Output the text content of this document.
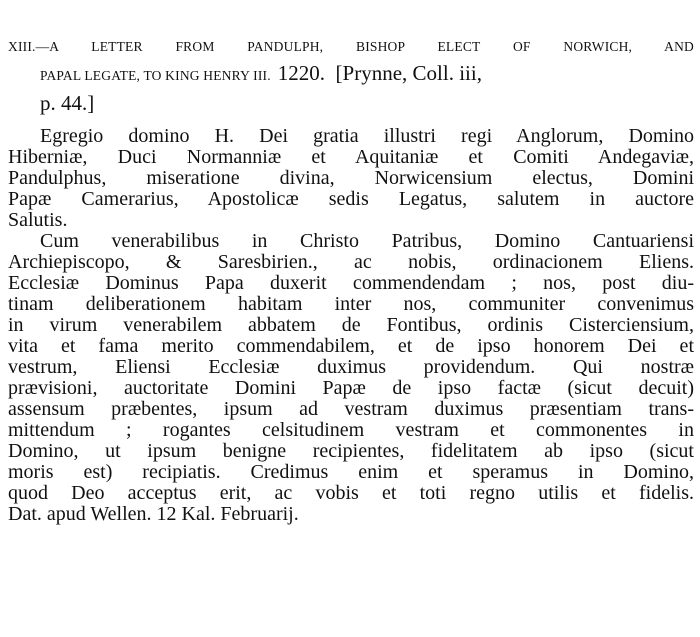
XIII.—A LETTER FROM PANDULPH, BISHOP ELECT OF NORWICH, AND
PAPAL LEGATE, TO KING HENRY III. 1220. [Prynne, Coll. iii,
p. 44.]
Egregio domino H. Dei gratia illustri regi Anglorum, Domino
Hiberniæ, Duci Normanniæ et Aquitaniæ et Comiti Andegaviæ,
Pandulphus, miseratione divina, Norwicensium electus, Domini
Papæ Camerarius, Apostolicæ sedis Legatus, salutem in auctore
Salutis.
Cum venerabilibus in Christo Patribus, Domino Cantuariensi
Archiepiscopo, & Saresbirien., ac nobis, ordinacionem Eliens.
Ecclesiæ Dominus Papa duxerit commendendam ; nos, post diu-
tinam deliberationem habitam inter nos, communiter convenimus
in virum venerabilem abbatem de Fontibus, ordinis Cisterciensium,
vita et fama merito commendabilem, et de ipso honorem Dei et
vestrum, Eliensi Ecclesiæ duximus providendum. Qui nostræ
prævisioni, auctoritate Domini Papæ de ipso factæ (sicut decuit)
assensum præbentes, ipsum ad vestram duximus præsentiam trans-
mittendum ; rogantes celsitudinem vestram et commonentes in
Domino, ut ipsum benigne recipientes, fidelitatem ab ipso (sicut
moris est) recipiatis. Credimus enim et speramus in Domino,
quod Deo acceptus erit, ac vobis et toti regno utilis et fidelis.
Dat. apud Wellen. 12 Kal. Februarij.
